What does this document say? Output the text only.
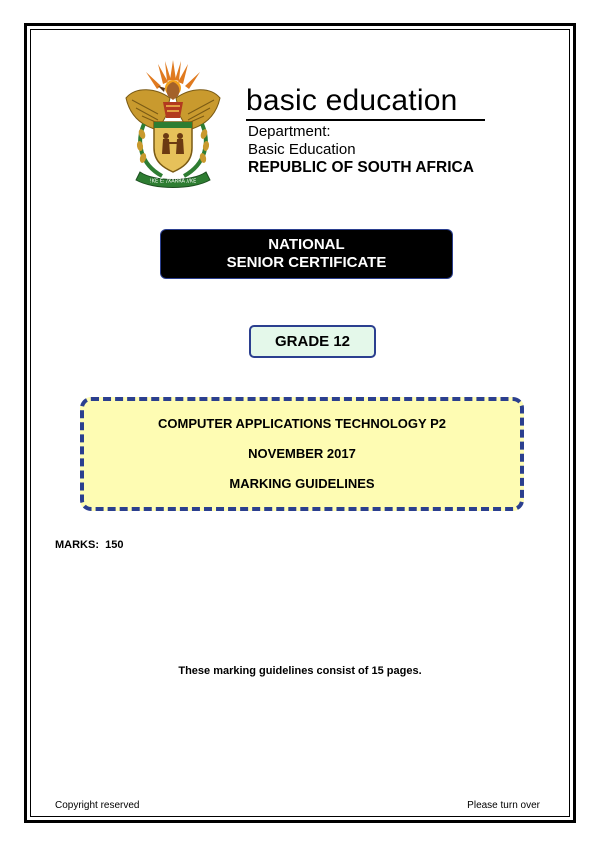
!KE E: /XARRA //KE
basic education
Department:
Basic Education
REPUBLIC OF SOUTH AFRICA
NATIONAL
SENIOR CERTIFICATE
GRADE 12
COMPUTER APPLICATIONS TECHNOLOGY P2
NOVEMBER 2017
MARKING GUIDELINES
MARKS:  150
These marking guidelines consist of 15 pages.
Copyright reserved	Please turn over
